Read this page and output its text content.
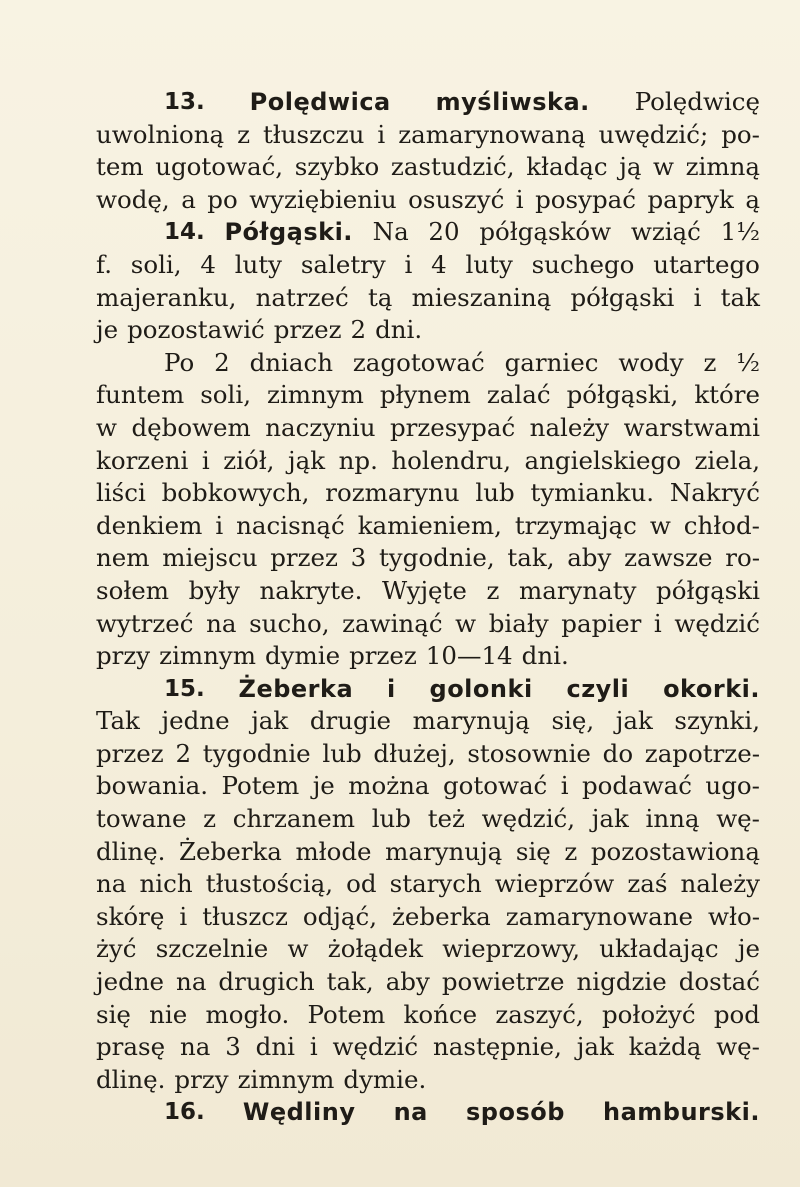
13. Polędwica myśliwska. Polędwicę
uwolnioną z tłuszczu i zamarynowaną uwędzić; po-
tem ugotować, szybko zastudzić, kładąc ją w zimną
wodę, a po wyziębieniu osuszyć i posypać papryk ą
14. Półgąski. Na 20 półgąsków wziąć 1½
f. soli, 4 luty saletry i 4 luty suchego utartego
majeranku, natrzeć tą mieszaniną półgąski i tak
je pozostawić przez 2 dni.
Po 2 dniach zagotować garniec wody z ½
funtem soli, zimnym płynem zalać półgąski, które
w dębowem naczyniu przesypać należy warstwami
korzeni i ziół, jąk np. holendru, angielskiego ziela,
liści bobkowych, rozmarynu lub tymianku. Nakryć
denkiem i nacisnąć kamieniem, trzymając w chłod-
nem miejscu przez 3 tygodnie, tak, aby zawsze ro-
sołem były nakryte. Wyjęte z marynaty półgąski
wytrzeć na sucho, zawinąć w biały papier i wędzić
przy zimnym dymie przez 10—14 dni.
15. Żeberka i golonki czyli okorki.
Tak jedne jak drugie marynują się, jak szynki,
przez 2 tygodnie lub dłużej, stosownie do zapotrze-
bowania. Potem je można gotować i podawać ugo-
towane z chrzanem lub też wędzić, jak inną wę-
dlinę. Żeberka młode marynują się z pozostawioną
na nich tłustością, od starych wieprzów zaś należy
skórę i tłuszcz odjąć, żeberka zamarynowane wło-
żyć szczelnie w żołądek wieprzowy, układając je
jedne na drugich tak, aby powietrze nigdzie dostać
się nie mogło. Potem końce zaszyć, położyć pod
prasę na 3 dni i wędzić następnie, jak każdą wę-
dlinę. przy zimnym dymie.
16. Wędliny na sposób hamburski.
